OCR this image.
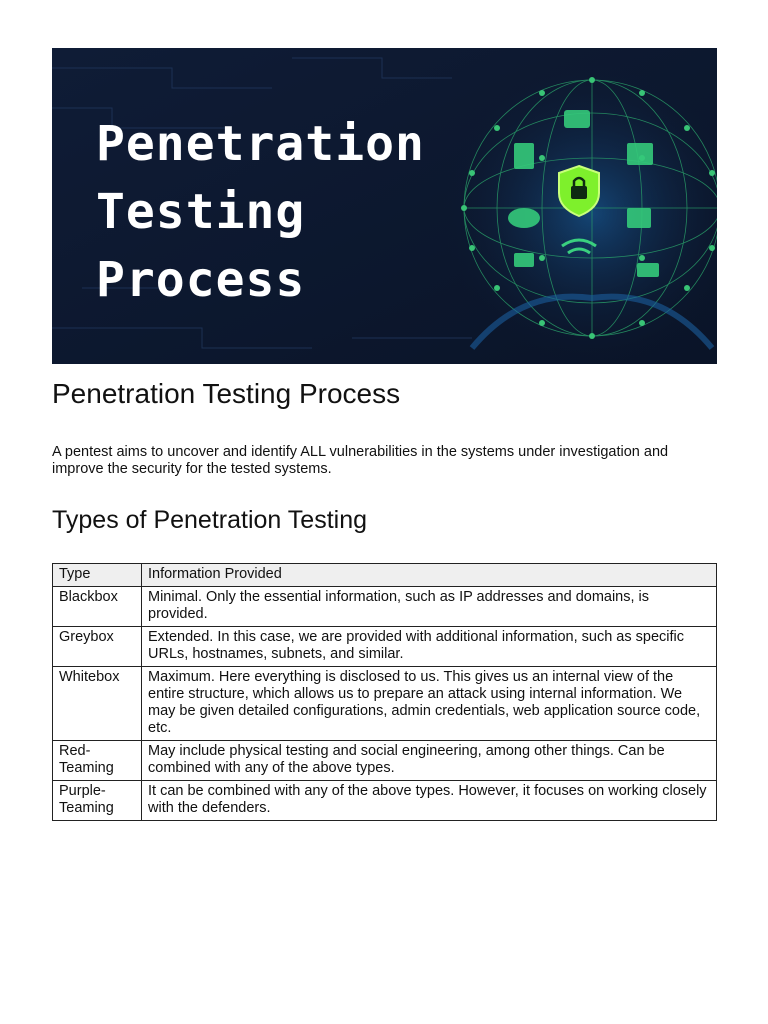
Penetration
Testing
Process
Penetration Testing Process

A pentest aims to uncover and identify ALL vulnerabilities in the systems under investigation and improve the security for the tested systems.

Types of Penetration Testing
Type	Information Provided
Blackbox	Minimal. Only the essential information, such as IP addresses and domains, is provided.
Greybox	Extended. In this case, we are provided with additional information, such as specific URLs, hostnames, subnets, and similar.
Whitebox	Maximum. Here everything is disclosed to us. This gives us an internal view of the entire structure, which allows us to prepare an attack using internal information. We may be given detailed configurations, admin credentials, web application source code, etc.
Red-Teaming	May include physical testing and social engineering, among other things. Can be combined with any of the above types.
Purple-Teaming	It can be combined with any of the above types. However, it focuses on working closely with the defenders.
